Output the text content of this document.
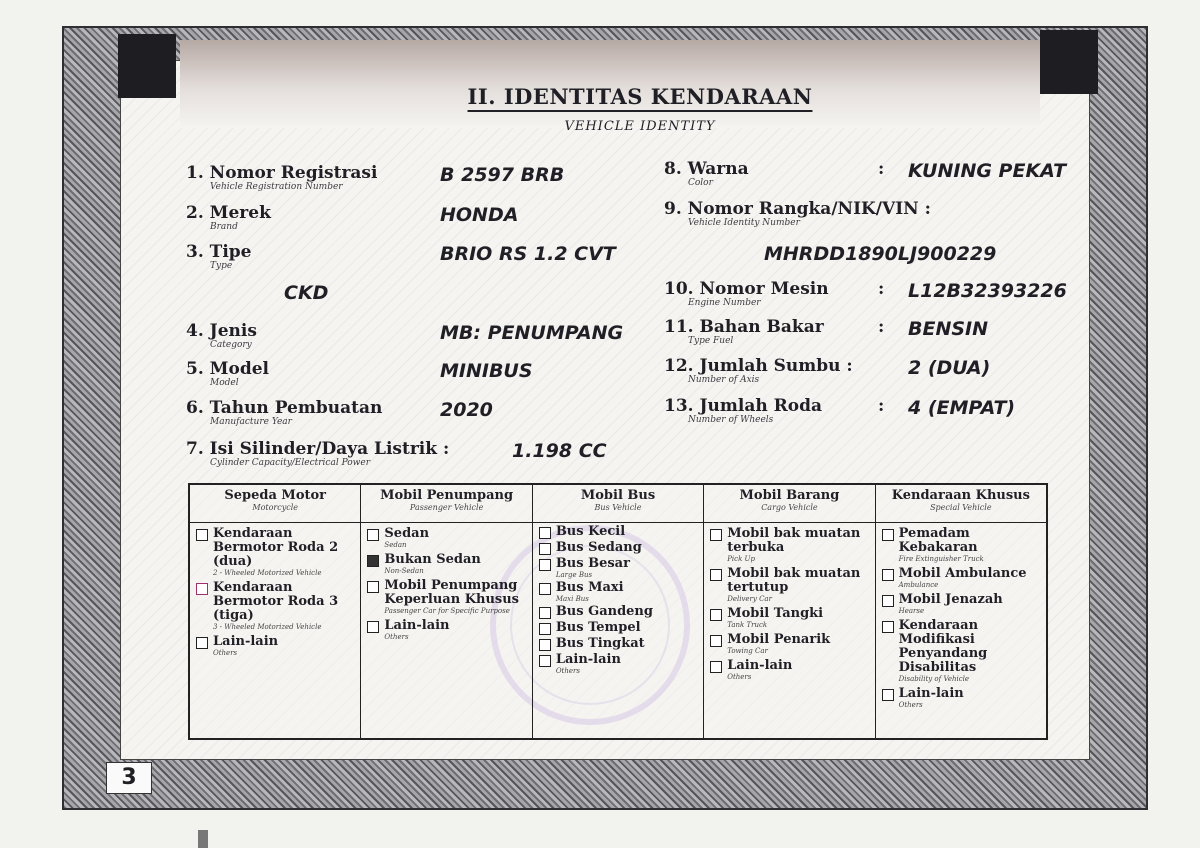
3
II. IDENTITAS KENDARAAN
VEHICLE IDENTITY
1. Nomor Registrasi
Vehicle Registration Number
B 2597 BRB
2. Merek
Brand
HONDA
3. Tipe
Type
BRIO RS 1.2 CVT
CKD
4. Jenis
Category
MB: PENUMPANG
5. Model
Model
MINIBUS
6. Tahun Pembuatan
Manufacture Year
2020
7. Isi Silinder/Daya Listrik :
Cylinder Capacity/Electrical Power
1.198 CC
8. Warna
Color
: KUNING PEKAT
9. Nomor Rangka/NIK/VIN :
Vehicle Identity Number
MHRDD1890LJ900229
10. Nomor Mesin
Engine Number
: L12B32393226
11. Bahan Bakar
Type Fuel
: BENSIN
12. Jumlah Sumbu :
Number of Axis
2 (DUA)
13. Jumlah Roda
Number of Wheels
: 4 (EMPAT)
Sepeda Motor
Motorcycle
Kendaraan Bermotor Roda 2 (dua)
2 - Wheeled Motorized Vehicle
Kendaraan Bermotor Roda 3 (tiga)
3 - Wheeled Motorized Vehicle
Lain-lain
Others
Mobil Penumpang
Passenger Vehicle
Sedan
Sedan
Bukan Sedan
Non-Sedan
Mobil Penumpang Keperluan Khusus
Passenger Car for Specific Purpose
Lain-lain
Others
Mobil Bus
Bus Vehicle
Bus Kecil
Bus Sedang
Bus Besar
Large Bus
Bus Maxi
Maxi Bus
Bus Gandeng
Bus Tempel
Bus Tingkat
Lain-lain
Others
Mobil Barang
Cargo Vehicle
Mobil bak muatan terbuka
Pick Up
Mobil bak muatan tertutup
Delivery Car
Mobil Tangki
Tank Truck
Mobil Penarik
Towing Car
Lain-lain
Others
Kendaraan Khusus
Special Vehicle
Pemadam Kebakaran
Fire Extinguisher Truck
Mobil Ambulance
Ambulance
Mobil Jenazah
Hearse
Kendaraan Modifikasi Penyandang Disabilitas
Disability of Vehicle
Lain-lain
Others
